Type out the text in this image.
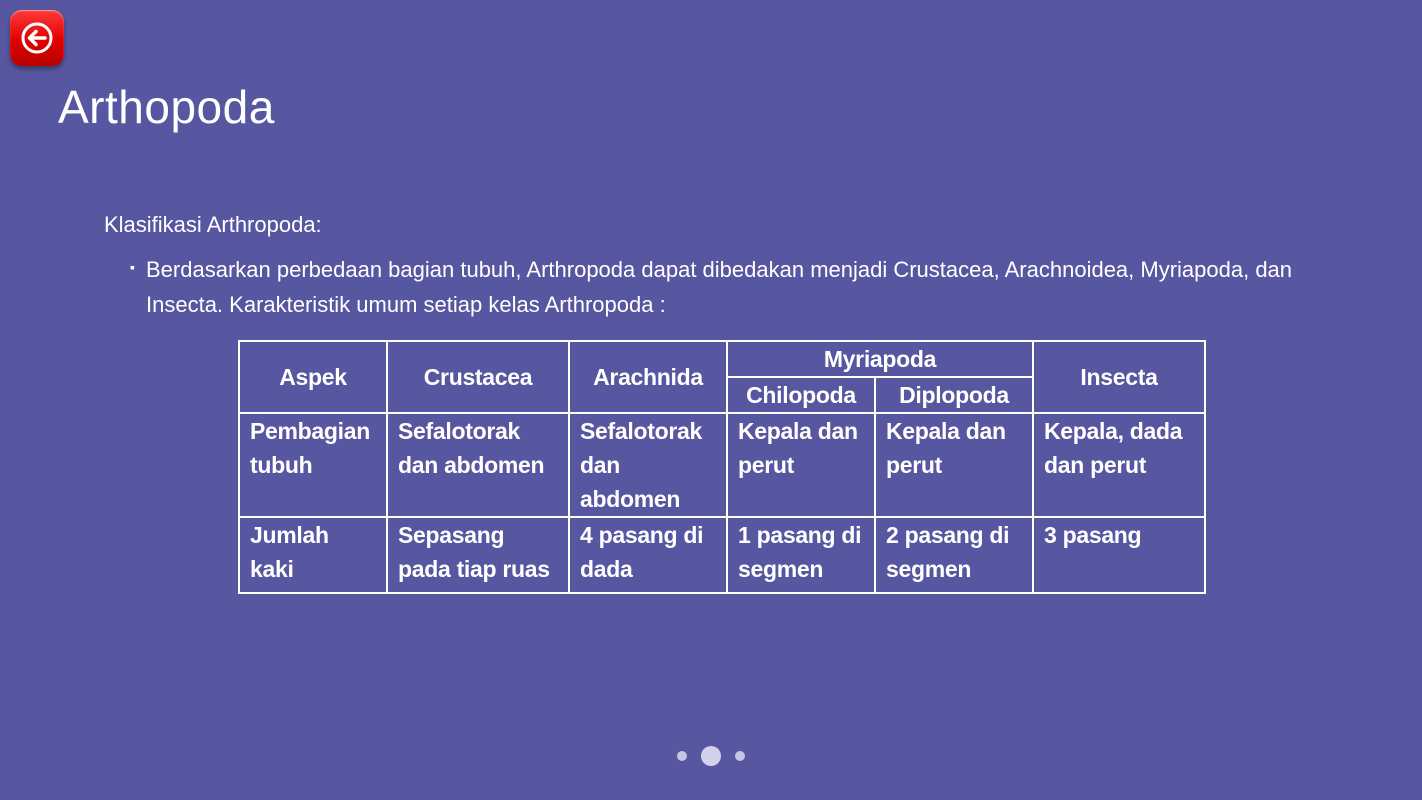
Arthopoda
Klasifikasi Arthropoda:
▪ Berdasarkan perbedaan bagian tubuh, Arthropoda dapat dibedakan menjadi Crustacea, Arachnoidea, Myriapoda, dan Insecta. Karakteristik umum setiap kelas Arthropoda :
Aspek	Crustacea	Arachnida	Myriapoda		Insecta
			Chilopoda	Diplopoda	
Pembagian tubuh	Sefalotorak dan abdomen	Sefalotorak dan abdomen	Kepala dan perut	Kepala dan perut	Kepala, dada dan perut
Jumlah kaki	Sepasang pada tiap ruas	4 pasang di dada	1 pasang di segmen	2 pasang di segmen	3 pasang
